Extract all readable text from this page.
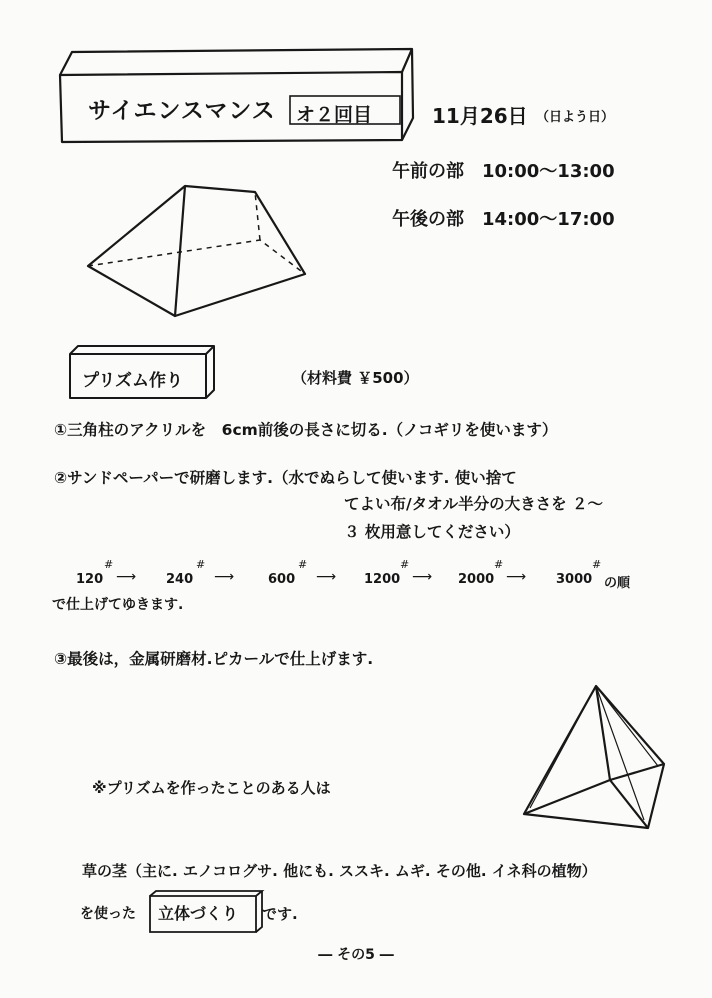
サイエンスマンス オ２回目	11月26日 （日よう日）
午前の部　10:00〜13:00
午後の部　14:00〜17:00
プリズム作り	（材料費 ￥500）
①三角柱のアクリルを　6cm前後の長さに切る.（ノコギリを使います）
②サンドペーパーで研磨します.（水でぬらして使います. 使い捨て
てよい布/タオル半分の大きさを ２〜
３ 枚用意してください）
120
#
⟶ 240
#
⟶	600
#
⟶ 1200
#
⟶ 2000
#
⟶ 3000
#
の順
で仕上げてゆきます.
③最後は，金属研磨材.ピカールで仕上げます.
※プリズムを作ったことのある人は
草の茎（主に. エノコログサ. 他にも. ススキ. ムギ. その他. イネ科の植物）
を使った 立体づくり です.
― その5 ―
